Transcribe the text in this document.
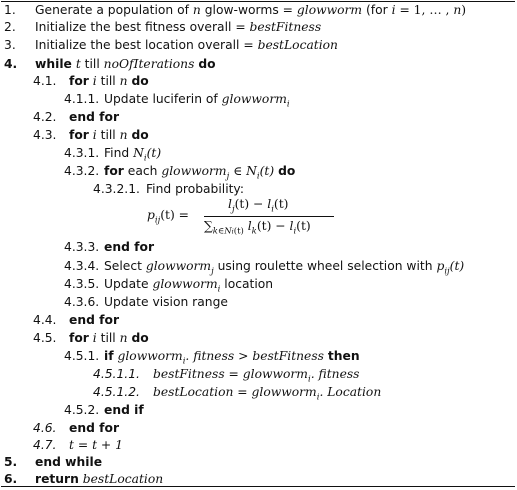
1. Generate a population of n glow-worms = glowworm (for i = 1, … , n)
2. Initialize the best fitness overall = bestFitness
3. Initialize the best location overall = bestLocation
4. while t till noOfIterations do
4.1. for i till n do
4.1.1. Update luciferin of glowworm$_i$
4.2. end for
4.3. for i till n do
4.3.1. Find $N_i(t)$
4.3.2. for each glowworm$_j$ ∈ $N_i(t)$ do
4.3.2.1. Find probability:
$p_{ij}(t)$ =
$l_j(t) - l_i(t)$
$\sum_{k\in Ni(t)}$ $l_k(t) - l_i(t)$
4.3.3. end for
4.3.4. Select glowworm$_j$ using roulette wheel selection with $p_{ij}(t)$
4.3.5. Update glowworm$_i$ location
4.3.6. Update vision range
4.4. end for
4.5. for i till n do
4.5.1. if glowworm$_i$. fitness > bestFitness then
4.5.1.1. bestFitness = glowworm$_i$. fitness
4.5.1.2. bestLocation = glowworm$_i$. Location
4.5.2. end if
4.6. end for
4.7. t = t + 1
5. end while
6. return bestLocation
